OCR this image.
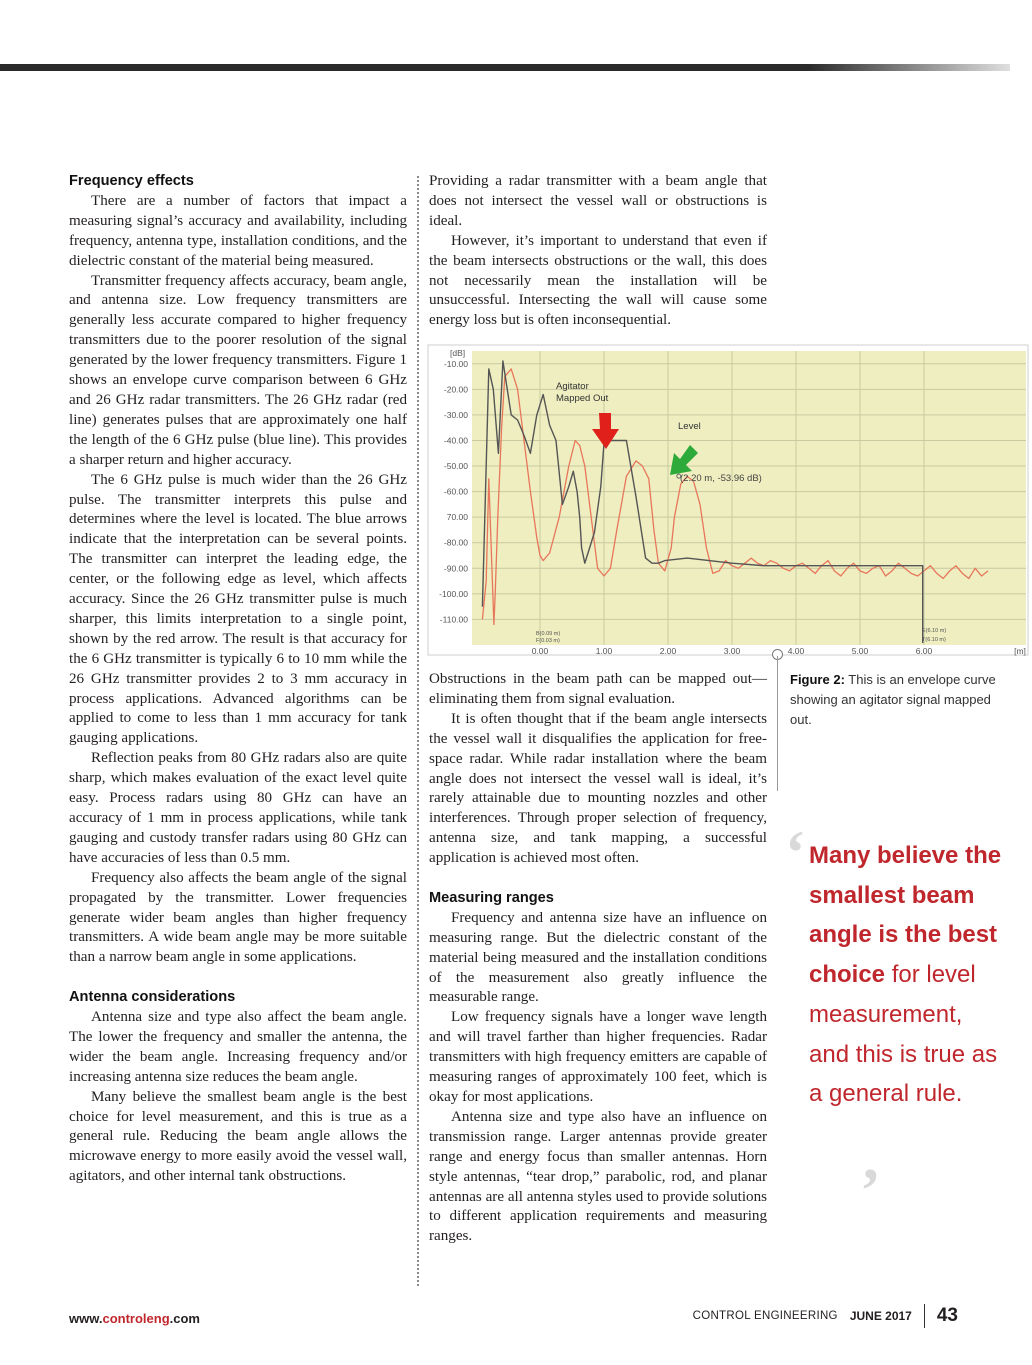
Frequency effects

There are a number of factors that impact a measuring signal’s accuracy and availability, including frequency, antenna type, installation conditions, and the dielectric constant of the material being measured.

Transmitter frequency affects accuracy, beam angle, and antenna size. Low frequency transmitters are generally less accurate compared to higher frequency transmitters due to the poorer resolution of the signal generated by the lower frequency transmitters. Figure 1 shows an envelope curve comparison between 6 GHz and 26 GHz radar transmitters. The 26 GHz radar (red line) generates pulses that are approximately one half the length of the 6 GHz pulse (blue line). This provides a sharper return and higher accuracy.

The 6 GHz pulse is much wider than the 26 GHz pulse. The transmitter interprets this pulse and determines where the level is located. The blue arrows indicate that the interpretation can be several points. The transmitter can interpret the leading edge, the center, or the following edge as level, which affects accuracy. Since the 26 GHz transmitter pulse is much sharper, this limits interpretation to a single point, shown by the red arrow. The result is that accuracy for the 6 GHz transmitter is typically 6 to 10 mm while the 26 GHz transmitter provides 2 to 3 mm accuracy in process applications. Advanced algorithms can be applied to come to less than 1 mm accuracy for tank gauging applications.

Reflection peaks from 80 GHz radars also are quite sharp, which makes evaluation of the exact level quite easy. Process radars using 80 GHz can have an accuracy of 1 mm in process applications, while tank gauging and custody transfer radars using 80 GHz can have accuracies of less than 0.5 mm.

Frequency also affects the beam angle of the signal propagated by the transmitter. Lower frequencies generate wider beam angles than higher frequency transmitters. A wide beam angle may be more suitable than a narrow beam angle in some applications.

Antenna considerations

Antenna size and type also affect the beam angle. The lower the frequency and smaller the antenna, the wider the beam angle. Increasing frequency and/or increasing antenna size reduces the beam angle.

Many believe the smallest beam angle is the best choice for level measurement, and this is true as a general rule. Reducing the beam angle allows the microwave energy to more easily avoid the vessel wall, agitators, and other internal tank obstructions.

Providing a radar transmitter with a beam angle that does not intersect the vessel wall or obstructions is ideal.

However, it’s important to understand that even if the beam intersects obstructions or the wall, this does not necessarily mean the installation will be unsuccessful. Intersecting the wall will cause some energy loss but is often inconsequential.

-10.00
-20.00
-30.00
-40.00
-50.00
-60.00
70.00
-80.00
-90.00
-100.00
-110.00
[dB]
0.00	1.00	2.00	3.00	4.00	5.00	6.00	[m]
Agitator
Mapped Out
Level
(2.20 m, -53.96 dB)
B(0.09 m)
F(0.03 m)
E(6.10 m)
T(6.10 m)
Figure 2: This is an envelope curve showing an agitator signal mapped out.

Obstructions in the beam path can be mapped out—eliminating them from signal evaluation.

It is often thought that if the beam angle intersects the vessel wall it disqualifies the application for free-space radar. While radar installation where the beam angle does not intersect the vessel wall is ideal, it’s rarely attainable due to mounting nozzles and other interferences. Through proper selection of frequency, antenna size, and tank mapping, a successful application is achieved most often.

Measuring ranges

Frequency and antenna size have an influence on measuring range. But the dielectric constant of the material being measured and the installation conditions of the measurement also greatly influence the measurable range.

Low frequency signals have a longer wave length and will travel farther than higher frequencies. Radar transmitters with high frequency emitters are capable of measuring ranges of approximately 100 feet, which is okay for most applications.

Antenna size and type also have an influence on transmission range. Larger antennas provide greater range and energy focus than smaller antennas. Horn style antennas, “tear drop,” parabolic, rod, and planar antennas are all antenna styles used to provide solutions to different application requirements and measuring ranges.

‘ Many believe the smallest beam angle is the best choice for level measurement, and this is true as a general rule.
’
www.controleng.com	CONTROL ENGINEERING JUNE 2017 43
